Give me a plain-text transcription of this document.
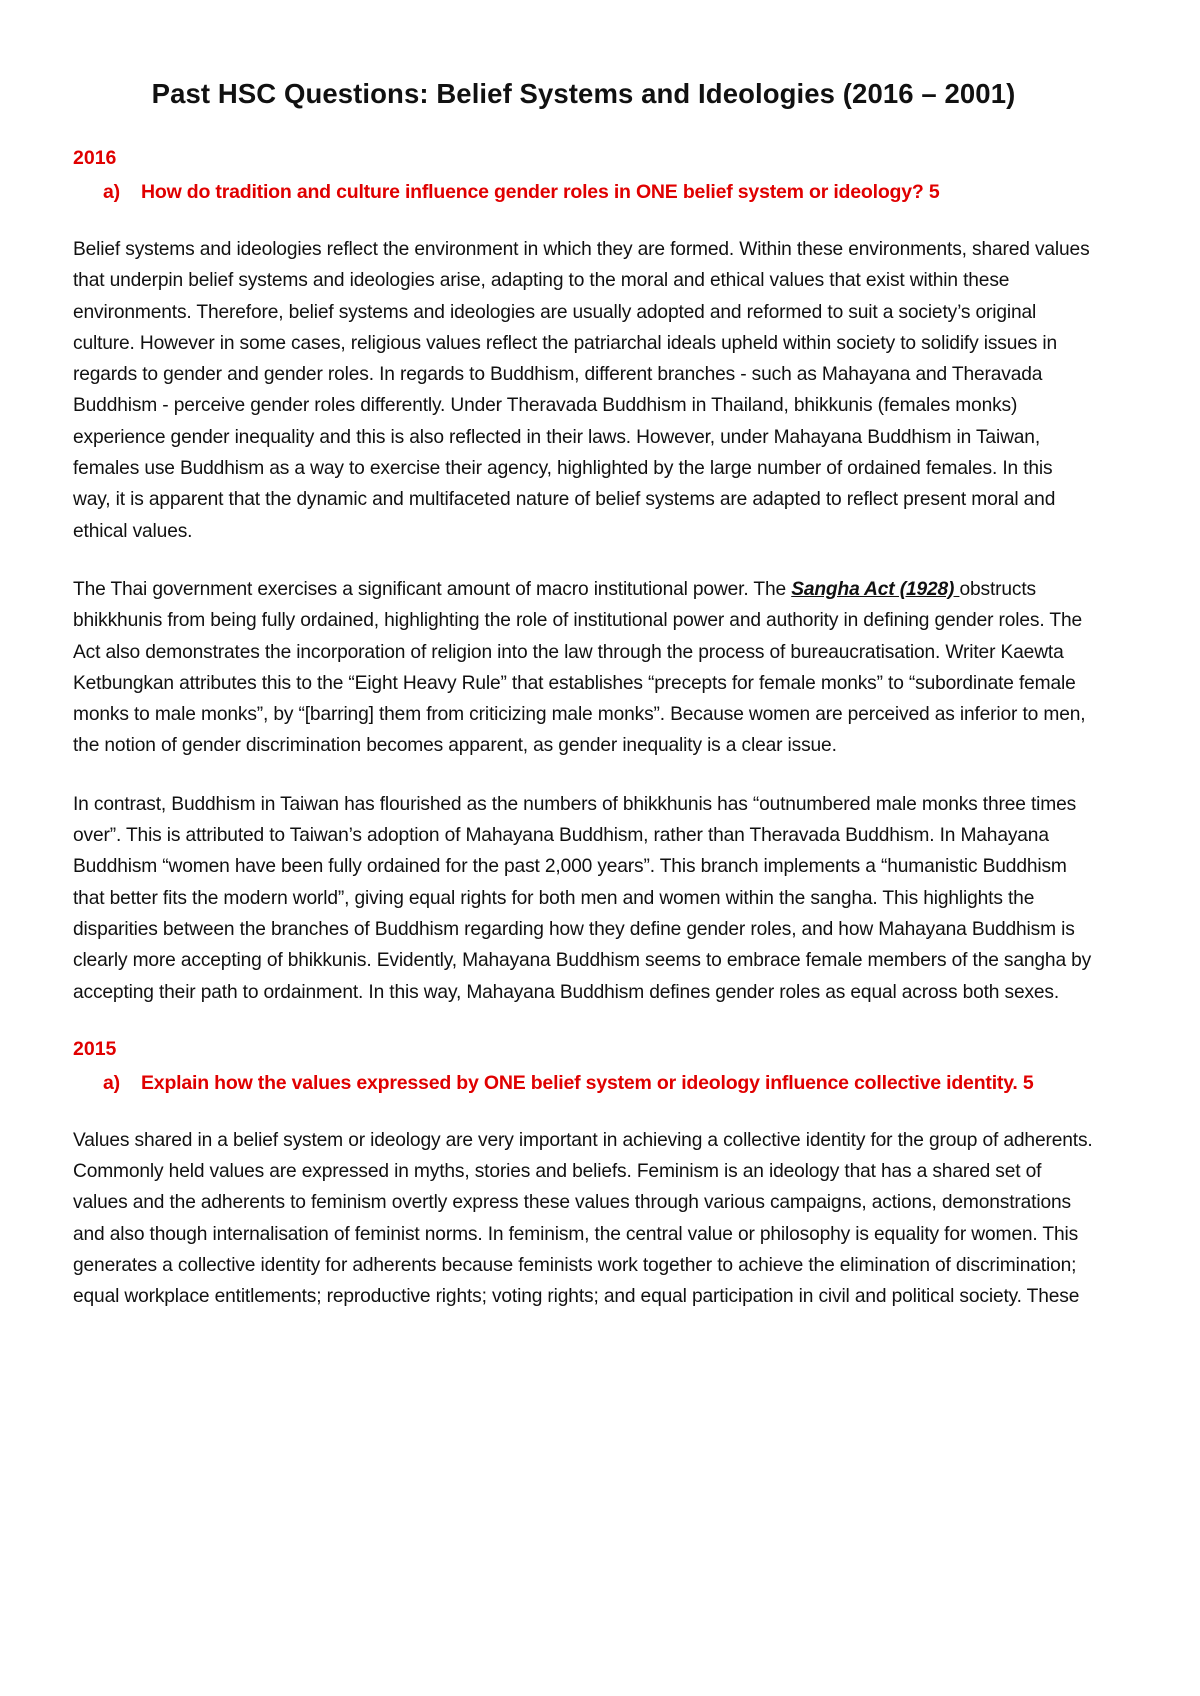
Past HSC Questions: Belief Systems and Ideologies (2016 – 2001)
2016
a)	How do tradition and culture influence gender roles in ONE belief system or ideology? 5

Belief systems and ideologies reflect the environment in which they are formed. Within these environments, shared values that underpin belief systems and ideologies arise, adapting to the moral and ethical values that exist within these environments. Therefore, belief systems and ideologies are usually adopted and reformed to suit a society’s original culture. However in some cases, religious values reflect the patriarchal ideals upheld within society to solidify issues in regards to gender and gender roles. In regards to Buddhism, different branches - such as Mahayana and Theravada Buddhism - perceive gender roles differently. Under Theravada Buddhism in Thailand, bhikkunis (females monks) experience gender inequality and this is also reflected in their laws. However, under Mahayana Buddhism in Taiwan, females use Buddhism as a way to exercise their agency, highlighted by the large number of ordained females. In this way, it is apparent that the dynamic and multifaceted nature of belief systems are adapted to reflect present moral and ethical values.

The Thai government exercises a significant amount of macro institutional power. The Sangha Act (1928) obstructs bhikkhunis from being fully ordained, highlighting the role of institutional power and authority in defining gender roles. The Act also demonstrates the incorporation of religion into the law through the process of bureaucratisation. Writer Kaewta Ketbungkan attributes this to the “Eight Heavy Rule” that establishes “precepts for female monks” to “subordinate female monks to male monks”, by “[barring] them from criticizing male monks”. Because women are perceived as inferior to men, the notion of gender discrimination becomes apparent, as gender inequality is a clear issue.

In contrast, Buddhism in Taiwan has flourished as the numbers of bhikkhunis has “outnumbered male monks three times over”. This is attributed to Taiwan’s adoption of Mahayana Buddhism, rather than Theravada Buddhism. In Mahayana Buddhism “women have been fully ordained for the past 2,000 years”. This branch implements a “humanistic Buddhism that better fits the modern world”, giving equal rights for both men and women within the sangha. This highlights the disparities between the branches of Buddhism regarding how they define gender roles, and how Mahayana Buddhism is clearly more accepting of bhikkunis. Evidently, Mahayana Buddhism seems to embrace female members of the sangha by accepting their path to ordainment. In this way, Mahayana Buddhism defines gender roles as equal across both sexes.

2015
a)	Explain how the values expressed by ONE belief system or ideology influence collective identity. 5

Values shared in a belief system or ideology are very important in achieving a collective identity for the group of adherents. Commonly held values are expressed in myths, stories and beliefs. Feminism is an ideology that has a shared set of values and the adherents to feminism overtly express these values through various campaigns, actions, demonstrations and also though internalisation of feminist norms. In feminism, the central value or philosophy is equality for women. This generates a collective identity for adherents because feminists work together to achieve the elimination of discrimination; equal workplace entitlements; reproductive rights; voting rights; and equal participation in civil and political society. These
